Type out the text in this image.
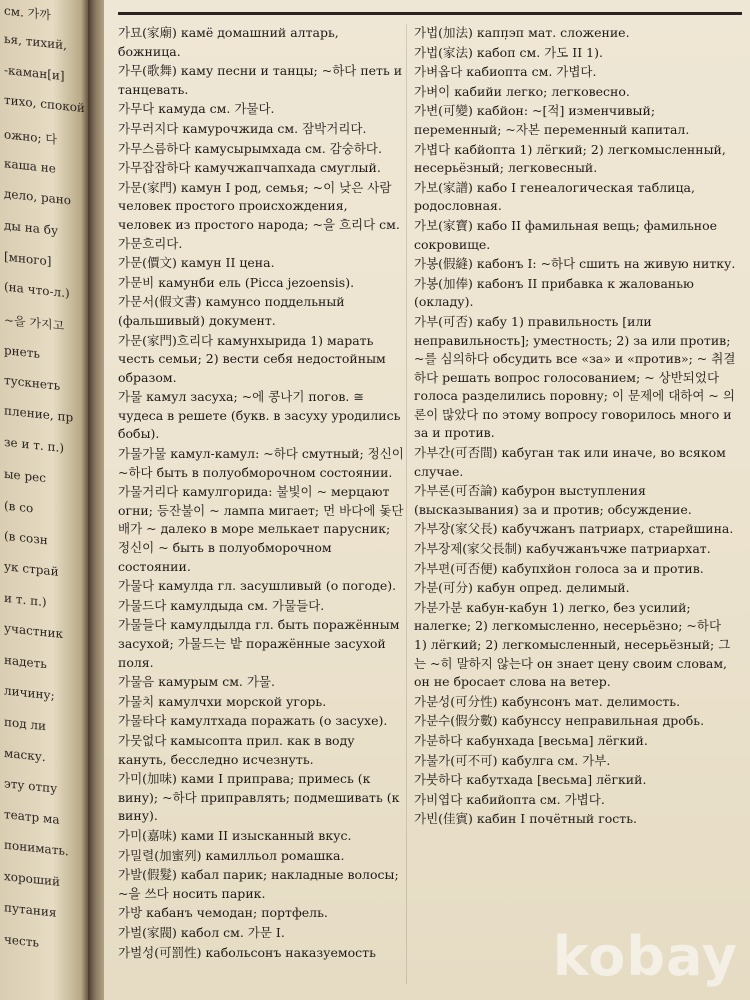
см. 가까
ья, тихий,
-каман[и]
тихо, спокой
ожно; 다
каша не
дело, рано
ды на бу
[много]
(на что-л.)
~을 가지고
рнеть
тускнеть
пление, пр
зе и т. п.)
ые рес
(в со
(в созн
ук страй
и т. п.)
участник
надеть
личину;
под ли
маску.
эту отпу
театр ма
понимать.
хороший
путания
честь
가묘(家廟) камё домашний алтарь, божница.
가무(歌舞) каму песни и танцы; ~하다 петь и танцевать.
가무다 камуда см. 가물다.
가무러지다 камурочжида см. 잠박거리다.
가무스름하다 камусырымхада см. 감숭하다.
가무잡잡하다 камучжапчапхада смуглый.
가문(家門) камун I род, семья; ~이 낮은 사람 человек простого происхождения, человек из простого народа; ~을 흐리다 см. 가문흐리다.
가문(價文) камун II цена.
가문비 камунби ель (Picca jezoensis).
가문서(假文書) камунсо поддельный (фальшивый) документ.
가문(家門)흐리다 камунхырида 1) марать честь семьи; 2) вести себя недостойным образом.
가물 камул засуха; ~에 콩나기 погов. ≅ чудеса в решете (букв. в засуху уродились бобы).
가물가물 камул-камул: ~하다 смутный; 정신이 ~하다 быть в полуобморочном состоянии.
가물거리다 камулгорида: 불빛이 ~ мерцают огни; 등잔불이 ~ лампа мигает; 먼 바다에 돛단배가 ~ далеко в море мелькает парусник; 정신이 ~ быть в полуобморочном состоянии.
가물다 камулда гл. засушливый (о погоде).
가물드다 камулдыда см. 가물들다.
가물들다 камулдылда гл. быть поражённым засухой; 가물드는 밭 поражённые засухой поля.
가물음 камурым см. 가물.
가물치 камулчхи морской угорь.
가물타다 камултхада поражать (о засухе).
가뭇없다 камысопта прил. как в воду кануть, бесследно исчезнуть.
가미(加味) ками I приправа; примесь (к вину); ~하다 приправлять; подмешивать (к вину).
가미(嘉味) ками II изысканный вкус.
가밀렬(加蜜列) камилльол ромашка.
가발(假髮) кабал парик; накладные волосы; ~을 쓰다 носить парик.
가방 кабанъ чемодан; портфель.
가벌(家閥) кабол см. 가문 I.
가벌성(可罰性) кабольсонъ наказуемость
가법(加法) капп̣эп мат. сложение.
가법(家法) кабоп см. 가도 II 1).
가벼옵다 кабиопта см. 가볍다.
가벼이 кабийи легко; легковесно.
가변(可變) кабйон: ~[적] изменчивый; переменный; ~자본 переменный капитал.
가볍다 кабйопта 1) лёгкий; 2) легкомысленный, несерьёзный; легковесный.
가보(家譜) кабо I генеалогическая таблица, родословная.
가보(家寶) кабо II фамильная вещь; фамильное сокровище.
가봉(假縫) кабонъ I: ~하다 сшить на живую нитку.
가봉(加俸) кабонъ II прибавка к жалованью (окладу).
가부(可否) кабу 1) правильность [или неправильность]; уместность; 2) за или против; ~를 심의하다 обсудить все «за» и «против»; ~ 취결하다 решать вопрос голосованием; ~ 상반되었다 голоса разделились поровну; 이 문제에 대하여 ~ 의론이 많았다 по этому вопросу говорилось много и за и против.
가부간(可否間) кабуган так или иначе, во всяком случае.
가부론(可否論) кабурон выступления (высказывания) за и против; обсуждение.
가부장(家父長) кабучжанъ патриарх, старейшина.
가부장제(家父長制) кабучжанъчже патриархат.
가부편(可否便) кабупхйон голоса за и против.
가분(可分) кабун опред. делимый.
가분가분 кабун-кабун 1) легко, без усилий; налегке; 2) легкомысленно, несерьёзно; ~하다 1) лёгкий; 2) легкомысленный, несерьёзный; 그는 ~히 말하지 않는다 он знает цену своим словам, он не бросает слова на ветер.
가분성(可分性) кабунсонъ мат. делимость.
가분수(假分數) кабунссу неправильная дробь.
가분하다 кабунхада [весьма] лёгкий.
가불가(可不可) кабулга см. 가부.
가붓하다 кабутхада [весьма] лёгкий.
가비엽다 кабийопта см. 가볍다.
가빈(佳賓) кабин I почётный гость.
kobay
